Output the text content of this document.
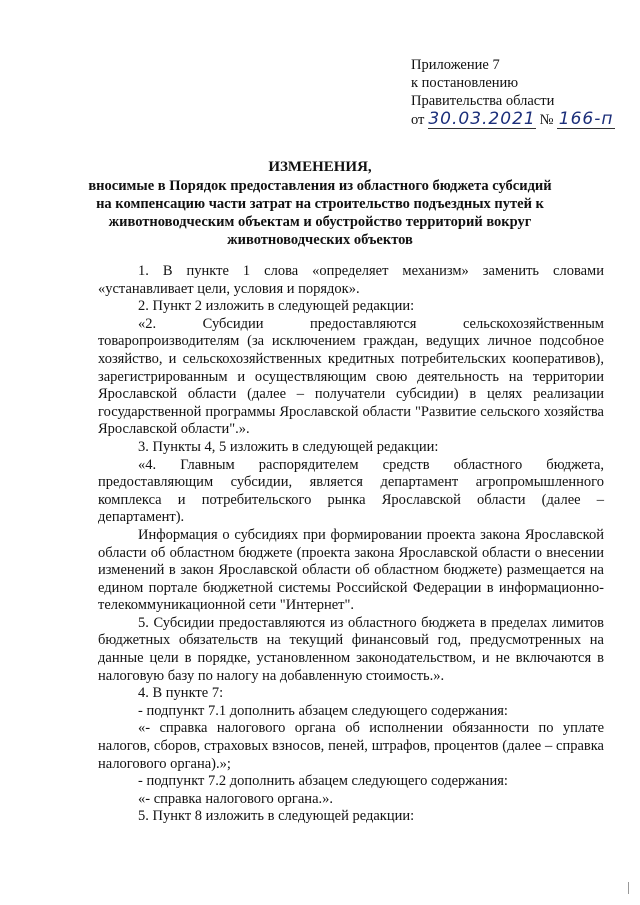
Приложение 7
к постановлению
Правительства области
от 30.03.2021 № 166-п
ИЗМЕНЕНИЯ,
вносимые в Порядок предоставления из областного бюджета субсидий на компенсацию части затрат на строительство подъездных путей к животноводческим объектам и обустройство территорий вокруг животноводческих объектов

1. В пункте 1 слова «определяет механизм» заменить словами «устанавливает цели, условия и порядок».

2. Пункт 2 изложить в следующей редакции:

«2. Субсидии предоставляются сельскохозяйственным товаропроизводителям (за исключением граждан, ведущих личное подсобное хозяйство, и сельскохозяйственных кредитных потребительских кооперативов), зарегистрированным и осуществляющим свою деятельность на территории Ярославской области (далее – получатели субсидии) в целях реализации государственной программы Ярославской области "Развитие сельского хозяйства Ярославской области".».

3. Пункты 4, 5 изложить в следующей редакции:

«4. Главным распорядителем средств областного бюджета, предоставляющим субсидии, является департамент агропромышленного комплекса и потребительского рынка Ярославской области (далее – департамент).

Информация о субсидиях при формировании проекта закона Ярославской области об областном бюджете (проекта закона Ярославской области о внесении изменений в закон Ярославской области об областном бюджете) размещается на едином портале бюджетной системы Российской Федерации в информационно-телекоммуникационной сети "Интернет".

5. Субсидии предоставляются из областного бюджета в пределах лимитов бюджетных обязательств на текущий финансовый год, предусмотренных на данные цели в порядке, установленном законодательством, и не включаются в налоговую базу по налогу на добавленную стоимость.».

4. В пункте 7:

- подпункт 7.1 дополнить абзацем следующего содержания:

«- справка налогового органа об исполнении обязанности по уплате налогов, сборов, страховых взносов, пеней, штрафов, процентов (далее – справка налогового органа).»;

- подпункт 7.2 дополнить абзацем следующего содержания:

«- справка налогового органа.».

5. Пункт 8 изложить в следующей редакции:
